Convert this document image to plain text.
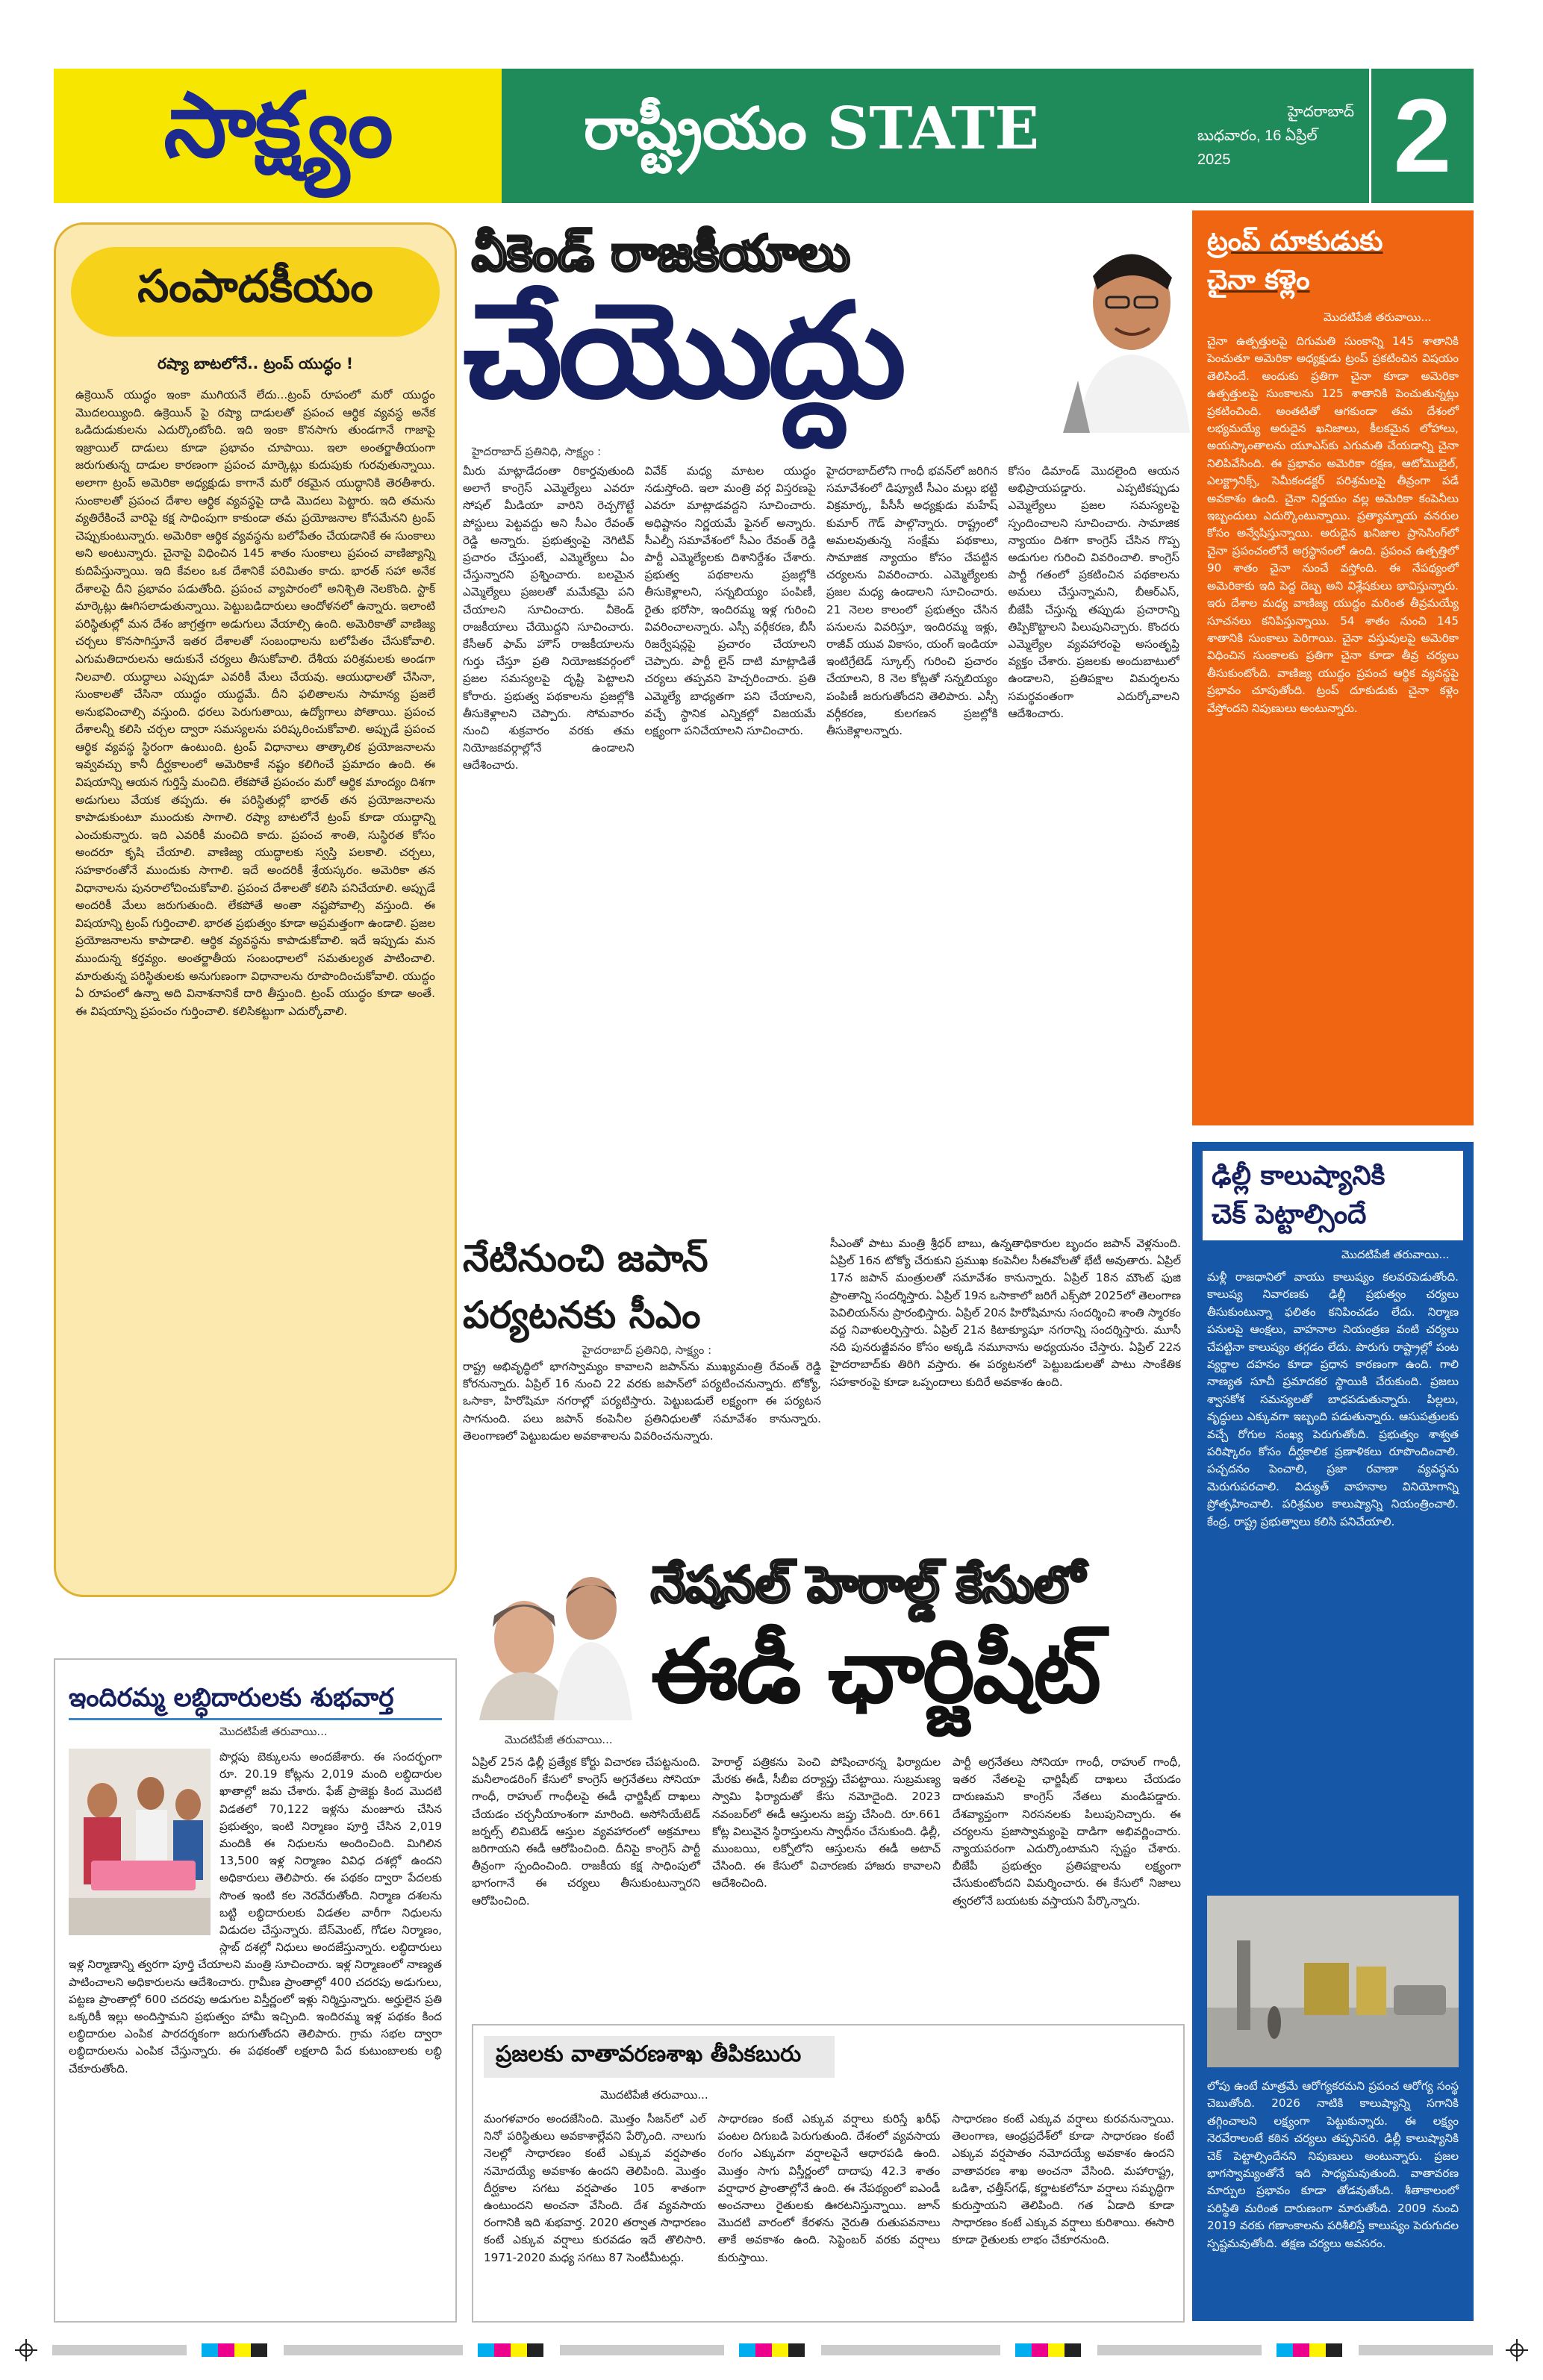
సాక్ష్యం	రాష్ట్రీయం STATE	హైదరాబాద్
బుధవారం, 16 ఏప్రిల్ 2025	2
సంపాదకీయం
రష్యా బాటలోనే.. ట్రంప్ యుద్ధం !
ఉక్రెయిన్ యుద్ధం ఇంకా ముగియనే లేదు...ట్రంప్ రూపంలో మరో యుద్ధం మొదలయ్యింది. ఉక్రెయిన్ పై రష్యా దాడులతో ప్రపంచ ఆర్థిక వ్యవస్థ అనేక ఒడిదుడుకులను ఎదుర్కొంటోంది. ఇది ఇంకా కొనసాగు తుండగానే గాజాపై ఇజ్రాయిల్ దాడులు కూడా ప్రభావం చూపాయి. ఇలా అంతర్జాతీయంగా జరుగుతున్న దాడుల కారణంగా ప్రపంచ మార్కెట్లు కుదుపుకు గురవుతున్నాయి. అలాగా ట్రంప్ అమెరికా అధ్యక్షుడు కాగానే మరో రకమైన యుద్ధానికి తెరతీశారు. సుంకాలతో ప్రపంచ దేశాల ఆర్థిక వ్యవస్థపై దాడి మొదలు పెట్టారు. ఇది తమను వ్యతిరేకించే వారిపై కక్ష సాధింపుగా కాకుండా తమ ప్రయోజనాల కోసమేనని ట్రంప్ చెప్పుకుంటున్నారు. అమెరికా ఆర్థిక వ్యవస్థను బలోపేతం చేయడానికే ఈ సుంకాలు అని అంటున్నారు. చైనాపై విధించిన 145 శాతం సుంకాలు ప్రపంచ వాణిజ్యాన్ని కుదిపేస్తున్నాయి. ఇది కేవలం ఒక దేశానికే పరిమితం కాదు. భారత్ సహా అనేక దేశాలపై దీని ప్రభావం పడుతోంది. ప్రపంచ వ్యాపారంలో అనిశ్చితి నెలకొంది. స్టాక్ మార్కెట్లు ఊగిసలాడుతున్నాయి. పెట్టుబడిదారులు ఆందోళనలో ఉన్నారు. ఇలాంటి పరిస్థితుల్లో మన దేశం జాగ్రత్తగా అడుగులు వేయాల్సి ఉంది. అమెరికాతో వాణిజ్య చర్చలు కొనసాగిస్తూనే ఇతర దేశాలతో సంబంధాలను బలోపేతం చేసుకోవాలి. ఎగుమతిదారులను ఆదుకునే చర్యలు తీసుకోవాలి. దేశీయ పరిశ్రమలకు అండగా నిలవాలి. యుద్ధాలు ఎప్పుడూ ఎవరికీ మేలు చేయవు. ఆయుధాలతో చేసినా, సుంకాలతో చేసినా యుద్ధం యుద్ధమే. దీని ఫలితాలను సామాన్య ప్రజలే అనుభవించాల్సి వస్తుంది. ధరలు పెరుగుతాయి, ఉద్యోగాలు పోతాయి. ప్రపంచ దేశాలన్నీ కలిసి చర్చల ద్వారా సమస్యలను పరిష్కరించుకోవాలి. అప్పుడే ప్రపంచ ఆర్థిక వ్యవస్థ స్థిరంగా ఉంటుంది. ట్రంప్ విధానాలు తాత్కాలిక ప్రయోజనాలను ఇవ్వవచ్చు కానీ దీర్ఘకాలంలో అమెరికాకే నష్టం కలిగించే ప్రమాదం ఉంది. ఈ విషయాన్ని ఆయన గుర్తిస్తే మంచిది. లేకపోతే ప్రపంచం మరో ఆర్థిక మాంద్యం దిశగా అడుగులు వేయక తప్పదు. ఈ పరిస్థితుల్లో భారత్ తన ప్రయోజనాలను కాపాడుకుంటూ ముందుకు సాగాలి. రష్యా బాటలోనే ట్రంప్ కూడా యుద్ధాన్ని ఎంచుకున్నారు. ఇది ఎవరికీ మంచిది కాదు. ప్రపంచ శాంతి, సుస్థిరత కోసం అందరూ కృషి చేయాలి. వాణిజ్య యుద్ధాలకు స్వస్తి పలకాలి. చర్చలు, సహకారంతోనే ముందుకు సాగాలి. ఇదే అందరికీ శ్రేయస్కరం. అమెరికా తన విధానాలను పునరాలోచించుకోవాలి. ప్రపంచ దేశాలతో కలిసి పనిచేయాలి. అప్పుడే అందరికీ మేలు జరుగుతుంది. లేకపోతే అంతా నష్టపోవాల్సి వస్తుంది. ఈ విషయాన్ని ట్రంప్ గుర్తించాలి. భారత ప్రభుత్వం కూడా అప్రమత్తంగా ఉండాలి. ప్రజల ప్రయోజనాలను కాపాడాలి. ఆర్థిక వ్యవస్థను కాపాడుకోవాలి. ఇదే ఇప్పుడు మన ముందున్న కర్తవ్యం. అంతర్జాతీయ సంబంధాలలో సమతుల్యత పాటించాలి. మారుతున్న పరిస్థితులకు అనుగుణంగా విధానాలను రూపొందించుకోవాలి. యుద్ధం ఏ రూపంలో ఉన్నా అది వినాశనానికే దారి తీస్తుంది. ట్రంప్ యుద్ధం కూడా అంతే. ఈ విషయాన్ని ప్రపంచం గుర్తించాలి. కలిసికట్టుగా ఎదుర్కోవాలి.
వీకెండ్ రాజకీయాలు
చేయొద్దు
హైదరాబాద్ ప్రతినిధి, సాక్ష్యం :

మీరు మాట్లాడేదంతా రికార్డవుతుంది అలాగే కాంగ్రెస్ ఎమ్మెల్యేలు ఎవరూ సోషల్ మీడియా వారిని రెచ్చగొట్టే పోస్టులు పెట్టవద్దు అని సీఎం రేవంత్ రెడ్డి అన్నారు. ప్రభుత్వంపై నెగిటివ్ ప్రచారం చేస్తుంటే, ఎమ్మెల్యేలు ఏం చేస్తున్నారని ప్రశ్నించారు. బలమైన ఎమ్మెల్యేలు ప్రజలతో మమేకమై పని చేయాలని సూచించారు. వీకెండ్ రాజకీయాలు చేయొద్దని సూచించారు. కేసీఆర్ ఫామ్ హౌస్ రాజకీయాలను గుర్తు చేస్తూ ప్రతి నియోజకవర్గంలో ప్రజల సమస్యలపై దృష్టి పెట్టాలని కోరారు. ప్రభుత్వ పథకాలను ప్రజల్లోకి తీసుకెళ్లాలని చెప్పారు. సోమవారం నుంచి శుక్రవారం వరకు తమ నియోజకవర్గాల్లోనే ఉండాలని ఆదేశించారు.

వివేక్ మధ్య మాటల యుద్ధం నడుస్తోంది. ఇలా మంత్రి వర్గ విస్తరణపై ఎవరూ మాట్లాడవద్దని సూచించారు. అధిష్టానం నిర్ణయమే ఫైనల్ అన్నారు. సీఎల్పీ సమావేశంలో సీఎం రేవంత్ రెడ్డి పార్టీ ఎమ్మెల్యేలకు దిశానిర్దేశం చేశారు. ప్రభుత్వ పథకాలను ప్రజల్లోకి తీసుకెళ్లాలని, సన్నబియ్యం పంపిణీ, రైతు భరోసా, ఇందిరమ్మ ఇళ్ల గురించి వివరించాలన్నారు. ఎస్సీ వర్గీకరణ, బీసీ రిజర్వేషన్లపై ప్రచారం చేయాలని చెప్పారు. పార్టీ లైన్ దాటి మాట్లాడితే చర్యలు తప్పవని హెచ్చరించారు. ప్రతి ఎమ్మెల్యే బాధ్యతగా పని చేయాలని, వచ్చే స్థానిక ఎన్నికల్లో విజయమే లక్ష్యంగా పనిచేయాలని సూచించారు.

హైదరాబాద్‌లోని గాంధీ భవన్‌లో జరిగిన సమావేశంలో డిప్యూటీ సీఎం మల్లు భట్టి విక్రమార్క, పీసీసీ అధ్యక్షుడు మహేష్ కుమార్ గౌడ్ పాల్గొన్నారు. రాష్ట్రంలో అమలవుతున్న సంక్షేమ పథకాలు, సామాజిక న్యాయం కోసం చేపట్టిన చర్యలను వివరించారు. ఎమ్మెల్యేలకు ప్రజల మధ్య ఉండాలని సూచించారు. 21 నెలల కాలంలో ప్రభుత్వం చేసిన పనులను వివరిస్తూ, ఇందిరమ్మ ఇళ్లు, రాజీవ్ యువ వికాసం, యంగ్ ఇండియా ఇంటిగ్రేటెడ్ స్కూల్స్ గురించి ప్రచారం చేయాలని, 8 నెల కోట్లతో సన్నబియ్యం పంపిణీ జరుగుతోందని తెలిపారు. ఎస్సీ వర్గీకరణ, కులగణన ప్రజల్లోకి తీసుకెళ్లాలన్నారు.

కోసం డిమాండ్ మొదలైంది ఆయన అభిప్రాయపడ్డారు. ఎప్పటికప్పుడు ఎమ్మెల్యేలు ప్రజల సమస్యలపై స్పందించాలని సూచించారు. సామాజిక న్యాయం దిశగా కాంగ్రెస్ చేసిన గొప్ప అడుగుల గురించి వివరించాలి. కాంగ్రెస్ పార్టీ గతంలో ప్రకటించిన పథకాలను అమలు చేస్తున్నామని, బీఆర్ఎస్, బీజేపీ చేస్తున్న తప్పుడు ప్రచారాన్ని తిప్పికొట్టాలని పిలుపునిచ్చారు. కొందరు ఎమ్మెల్యేల వ్యవహారంపై అసంతృప్తి వ్యక్తం చేశారు. ప్రజలకు అందుబాటులో ఉండాలని, ప్రతిపక్షాల విమర్శలను సమర్థవంతంగా ఎదుర్కోవాలని ఆదేశించారు.

ట్రంప్ దూకుడుకు
చైనా కళ్లెం
మొదటిపేజీ తరువాయి...
చైనా ఉత్పత్తులపై దిగుమతి సుంకాన్ని 145 శాతానికి పెంచుతూ అమెరికా అధ్యక్షుడు ట్రంప్ ప్రకటించిన విషయం తెలిసిందే. అందుకు ప్రతిగా చైనా కూడా అమెరికా ఉత్పత్తులపై సుంకాలను 125 శాతానికి పెంచుతున్నట్లు ప్రకటించింది. అంతటితో ఆగకుండా తమ దేశంలో లభ్యమయ్యే అరుదైన ఖనిజాలు, కీలకమైన లోహాలు, అయస్కాంతాలను యూఎస్‌కు ఎగుమతి చేయడాన్ని చైనా నిలిపివేసింది. ఈ ప్రభావం అమెరికా రక్షణ, ఆటోమొబైల్, ఎలక్ట్రానిక్స్, సెమీకండక్టర్ పరిశ్రమలపై తీవ్రంగా పడే అవకాశం ఉంది. చైనా నిర్ణయం వల్ల అమెరికా కంపెనీలు ఇబ్బందులు ఎదుర్కొంటున్నాయి. ప్రత్యామ్నాయ వనరుల కోసం అన్వేషిస్తున్నాయి. అరుదైన ఖనిజాల ప్రాసెసింగ్‌లో చైనా ప్రపంచంలోనే అగ్రస్థానంలో ఉంది. ప్రపంచ ఉత్పత్తిలో 90 శాతం చైనా నుంచే వస్తోంది. ఈ నేపథ్యంలో అమెరికాకు ఇది పెద్ద దెబ్బ అని విశ్లేషకులు భావిస్తున్నారు. ఇరు దేశాల మధ్య వాణిజ్య యుద్ధం మరింత తీవ్రమయ్యే సూచనలు కనిపిస్తున్నాయి. 54 శాతం నుంచి 145 శాతానికి సుంకాలు పెరిగాయి. చైనా వస్తువులపై అమెరికా విధించిన సుంకాలకు ప్రతిగా చైనా కూడా తీవ్ర చర్యలు తీసుకుంటోంది. వాణిజ్య యుద్ధం ప్రపంచ ఆర్థిక వ్యవస్థపై ప్రభావం చూపుతోంది. ట్రంప్ దూకుడుకు చైనా కళ్లెం వేస్తోందని నిపుణులు అంటున్నారు.
ఢిల్లీ కాలుష్యానికి
చెక్ పెట్టాల్సిందే
మొదటిపేజీ తరువాయి...
మళ్లీ రాజధానిలో వాయు కాలుష్యం కలవరపెడుతోంది. కాలుష్య నివారణకు ఢిల్లీ ప్రభుత్వం చర్యలు తీసుకుంటున్నా ఫలితం కనిపించడం లేదు. నిర్మాణ పనులపై ఆంక్షలు, వాహనాల నియంత్రణ వంటి చర్యలు చేపట్టినా కాలుష్యం తగ్గడం లేదు. పొరుగు రాష్ట్రాల్లో పంట వ్యర్థాల దహనం కూడా ప్రధాన కారణంగా ఉంది. గాలి నాణ్యత సూచీ ప్రమాదకర స్థాయికి చేరుకుంది. ప్రజలు శ్వాసకోశ సమస్యలతో బాధపడుతున్నారు. పిల్లలు, వృద్ధులు ఎక్కువగా ఇబ్బంది పడుతున్నారు. ఆసుపత్రులకు వచ్చే రోగుల సంఖ్య పెరుగుతోంది. ప్రభుత్వం శాశ్వత పరిష్కారం కోసం దీర్ఘకాలిక ప్రణాళికలు రూపొందించాలి. పచ్చదనం పెంచాలి, ప్రజా రవాణా వ్యవస్థను మెరుగుపరచాలి. విద్యుత్ వాహనాల వినియోగాన్ని ప్రోత్సహించాలి. పరిశ్రమల కాలుష్యాన్ని నియంత్రించాలి. కేంద్ర, రాష్ట్ర ప్రభుత్వాలు కలిసి పనిచేయాలి.
లోపు ఉంటే మాత్రమే ఆరోగ్యకరమని ప్రపంచ ఆరోగ్య సంస్థ చెబుతోంది. 2026 నాటికి కాలుష్యాన్ని సగానికి తగ్గించాలని లక్ష్యంగా పెట్టుకున్నారు. ఈ లక్ష్యం నెరవేరాలంటే కఠిన చర్యలు తప్పనిసరి. ఢిల్లీ కాలుష్యానికి చెక్ పెట్టాల్సిందేనని నిపుణులు అంటున్నారు. ప్రజల భాగస్వామ్యంతోనే ఇది సాధ్యమవుతుంది. వాతావరణ మార్పుల ప్రభావం కూడా తోడవుతోంది. శీతాకాలంలో పరిస్థితి మరింత దారుణంగా మారుతోంది. 2009 నుంచి 2019 వరకు గణాంకాలను పరిశీలిస్తే కాలుష్యం పెరుగుదల స్పష్టమవుతోంది. తక్షణ చర్యలు అవసరం.
నేటినుంచి జపాన్
పర్యటనకు సీఎం
హైదరాబాద్ ప్రతినిధి, సాక్ష్యం :

రాష్ట్ర అభివృద్ధిలో భాగస్వామ్యం కావాలని జపాన్‌ను ముఖ్యమంత్రి రేవంత్ రెడ్డి కోరనున్నారు. ఏప్రిల్ 16 నుంచి 22 వరకు జపాన్‌లో పర్యటించనున్నారు. టోక్యో, ఒసాకా, హిరోషిమా నగరాల్లో పర్యటిస్తారు. పెట్టుబడులే లక్ష్యంగా ఈ పర్యటన సాగనుంది. పలు జపాన్ కంపెనీల ప్రతినిధులతో సమావేశం కానున్నారు. తెలంగాణలో పెట్టుబడుల అవకాశాలను వివరించనున్నారు.

సీఎంతో పాటు మంత్రి శ్రీధర్ బాబు, ఉన్నతాధికారుల బృందం జపాన్ వెళ్లనుంది. ఏప్రిల్ 16న టోక్యో చేరుకుని ప్రముఖ కంపెనీల సీఈవోలతో భేటీ అవుతారు. ఏప్రిల్ 17న జపాన్ మంత్రులతో సమావేశం కానున్నారు. ఏప్రిల్ 18న మౌంట్ ఫుజి ప్రాంతాన్ని సందర్శిస్తారు. ఏప్రిల్ 19న ఒసాకాలో జరిగే ఎక్స్‌పో 2025లో తెలంగాణ పెవిలియన్‌ను ప్రారంభిస్తారు. ఏప్రిల్ 20న హిరోషిమాను సందర్శించి శాంతి స్మారకం వద్ద నివాళులర్పిస్తారు. ఏప్రిల్ 21న కిటాక్యూషూ నగరాన్ని సందర్శిస్తారు. మూసీ నది పునరుజ్జీవనం కోసం అక్కడి నమూనాను అధ్యయనం చేస్తారు. ఏప్రిల్ 22న హైదరాబాద్‌కు తిరిగి వస్తారు. ఈ పర్యటనలో పెట్టుబడులతో పాటు సాంకేతిక సహకారంపై కూడా ఒప్పందాలు కుదిరే అవకాశం ఉంది.

నేషనల్ హెరాల్డ్ కేసులో
ఈడీ ఛార్జిషీట్
మొదటిపేజీ తరువాయి...

ఏప్రిల్ 25న ఢిల్లీ ప్రత్యేక కోర్టు విచారణ చేపట్టనుంది. మనీలాండరింగ్ కేసులో కాంగ్రెస్ అగ్రనేతలు సోనియా గాంధీ, రాహుల్ గాంధీలపై ఈడీ ఛార్జిషీట్ దాఖలు చేయడం చర్చనీయాంశంగా మారింది. అసోసియేటెడ్ జర్నల్స్ లిమిటెడ్ ఆస్తుల వ్యవహారంలో అక్రమాలు జరిగాయని ఈడీ ఆరోపించింది. దీనిపై కాంగ్రెస్ పార్టీ తీవ్రంగా స్పందించింది. రాజకీయ కక్ష సాధింపులో భాగంగానే ఈ చర్యలు తీసుకుంటున్నారని ఆరోపించింది.

హెరాల్డ్ పత్రికను పెంచి పోషించారన్న ఫిర్యాదుల మేరకు ఈడీ, సీబీఐ దర్యాప్తు చేపట్టాయి. సుబ్రమణ్య స్వామి ఫిర్యాదుతో కేసు నమోదైంది. 2023 నవంబర్‌లో ఈడీ ఆస్తులను జప్తు చేసింది. రూ.661 కోట్ల విలువైన స్థిరాస్తులను స్వాధీనం చేసుకుంది. ఢిల్లీ, ముంబయి, లక్నోలోని ఆస్తులను ఈడీ అటాచ్ చేసింది. ఈ కేసులో విచారణకు హాజరు కావాలని ఆదేశించింది.

పార్టీ అగ్రనేతలు సోనియా గాంధీ, రాహుల్ గాంధీ, ఇతర నేతలపై ఛార్జిషీట్ దాఖలు చేయడం దారుణమని కాంగ్రెస్ నేతలు మండిపడ్డారు. దేశవ్యాప్తంగా నిరసనలకు పిలుపునిచ్చారు. ఈ చర్యలను ప్రజాస్వామ్యంపై దాడిగా అభివర్ణించారు. న్యాయపరంగా ఎదుర్కొంటామని స్పష్టం చేశారు. బీజేపీ ప్రభుత్వం ప్రతిపక్షాలను లక్ష్యంగా చేసుకుంటోందని విమర్శించారు. ఈ కేసులో నిజాలు త్వరలోనే బయటకు వస్తాయని పేర్కొన్నారు.

ఇందిరమ్మ లబ్ధిదారులకు శుభవార్త
మొదటిపేజీ తరువాయి...
పొర్లపు బెక్కులను అందజేశారు. ఈ సందర్భంగా రూ. 20.19 కోట్లను 2,019 మంది లబ్ధిదారుల ఖాతాల్లో జమ చేశారు. ఫేజ్ ప్రాజెక్టు కింద మొదటి విడతలో 70,122 ఇళ్లను మంజూరు చేసిన ప్రభుత్వం, ఇంటి నిర్మాణం పూర్తి చేసిన 2,019 మందికి ఈ నిధులను అందించింది. మిగిలిన 13,500 ఇళ్ల నిర్మాణం వివిధ దశల్లో ఉందని అధికారులు తెలిపారు. ఈ పథకం ద్వారా పేదలకు సొంత ఇంటి కల నెరవేరుతోంది. నిర్మాణ దశలను బట్టి లబ్ధిదారులకు విడతల వారీగా నిధులను విడుదల చేస్తున్నారు. బేస్‌మెంట్, గోడల నిర్మాణం, స్లాబ్ దశల్లో నిధులు అందజేస్తున్నారు. లబ్ధిదారులు ఇళ్ల నిర్మాణాన్ని త్వరగా పూర్తి చేయాలని మంత్రి సూచించారు. ఇళ్ల నిర్మాణంలో నాణ్యత పాటించాలని అధికారులను ఆదేశించారు. గ్రామీణ ప్రాంతాల్లో 400 చదరపు అడుగులు, పట్టణ ప్రాంతాల్లో 600 చదరపు అడుగుల విస్తీర్ణంలో ఇళ్లు నిర్మిస్తున్నారు. అర్హులైన ప్రతి ఒక్కరికీ ఇల్లు అందిస్తామని ప్రభుత్వం హామీ ఇచ్చింది. ఇందిరమ్మ ఇళ్ల పథకం కింద లబ్ధిదారుల ఎంపిక పారదర్శకంగా జరుగుతోందని తెలిపారు. గ్రామ సభల ద్వారా లబ్ధిదారులను ఎంపిక చేస్తున్నారు. ఈ పథకంతో లక్షలాది పేద కుటుంబాలకు లబ్ధి చేకూరుతోంది.
ప్రజలకు వాతావరణశాఖ తీపికబురు
మొదటిపేజీ తరువాయి...

మంగళవారం అందజేసింది. మొత్తం సీజన్‌లో ఎల్ నినో పరిస్థితులు అవకాశాల్లేవని పేర్కొంది. నాలుగు నెలల్లో సాధారణం కంటే ఎక్కువ వర్షపాతం నమోదయ్యే అవకాశం ఉందని తెలిపింది. మొత్తం దీర్ఘకాల సగటు వర్షపాతం 105 శాతంగా ఉంటుందని అంచనా వేసింది. దేశ వ్యవసాయ రంగానికి ఇది శుభవార్త. 2020 తర్వాత సాధారణం కంటే ఎక్కువ వర్షాలు కురవడం ఇదే తొలిసారి. 1971-2020 మధ్య సగటు 87 సెంటీమీటర్లు.

సాధారణం కంటే ఎక్కువ వర్షాలు కురిస్తే ఖరీఫ్ పంటల దిగుబడి పెరుగుతుంది. దేశంలో వ్యవసాయ రంగం ఎక్కువగా వర్షాలపైనే ఆధారపడి ఉంది. మొత్తం సాగు విస్తీర్ణంలో దాదాపు 42.3 శాతం వర్షాధార ప్రాంతాల్లోనే ఉంది. ఈ నేపథ్యంలో ఐఎండీ అంచనాలు రైతులకు ఊరటనిస్తున్నాయి. జూన్ మొదటి వారంలో కేరళను నైరుతి రుతుపవనాలు తాకే అవకాశం ఉంది. సెప్టెంబర్ వరకు వర్షాలు కురుస్తాయి.

సాధారణం కంటే ఎక్కువ వర్షాలు కురవనున్నాయి. తెలంగాణ, ఆంధ్రప్రదేశ్‌లో కూడా సాధారణం కంటే ఎక్కువ వర్షపాతం నమోదయ్యే అవకాశం ఉందని వాతావరణ శాఖ అంచనా వేసింది. మహారాష్ట్ర, ఒడిశా, ఛత్తీస్‌గఢ్, కర్ణాటకలోనూ వర్షాలు సమృద్ధిగా కురుస్తాయని తెలిపింది. గత ఏడాది కూడా సాధారణం కంటే ఎక్కువ వర్షాలు కురిశాయి. ఈసారి కూడా రైతులకు లాభం చేకూరనుంది.
